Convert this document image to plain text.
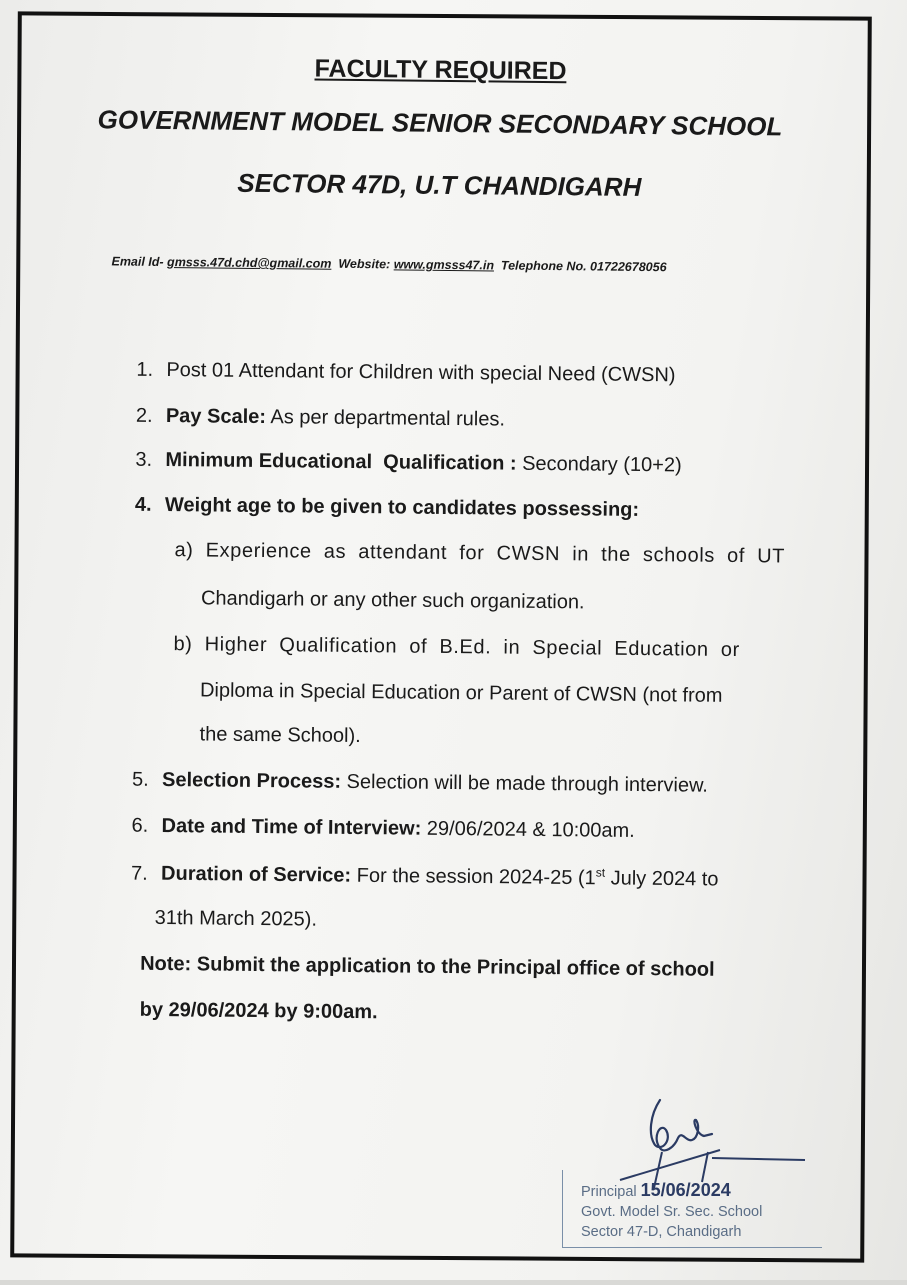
FACULTY REQUIRED
GOVERNMENT MODEL SENIOR SECONDARY SCHOOL
SECTOR 47D, U.T CHANDIGARH
Email Id- gmsss.47d.chd@gmail.com Website: www.gmsss47.in Telephone No. 01722678056
1. Post 01 Attendant for Children with special Need (CWSN)
2. Pay Scale: As per departmental rules.
3. Minimum Educational  Qualification : Secondary (10+2)
4. Weight age to be given to candidates possessing:
a) Experience as attendant for CWSN in the schools of UT
Chandigarh or any other such organization.
b) Higher Qualification of B.Ed. in Special Education or
Diploma in Special Education or Parent of CWSN (not from
the same School).
5. Selection Process: Selection will be made through interview.
6. Date and Time of Interview: 29/06/2024 & 10:00am.
7. Duration of Service: For the session 2024-25 (1st July 2024 to
31th March 2025).
Note: Submit the application to the Principal office of school
by 29/06/2024 by 9:00am.
Principal 15/06/2024
Govt. Model Sr. Sec. School
Sector 47-D, Chandigarh
